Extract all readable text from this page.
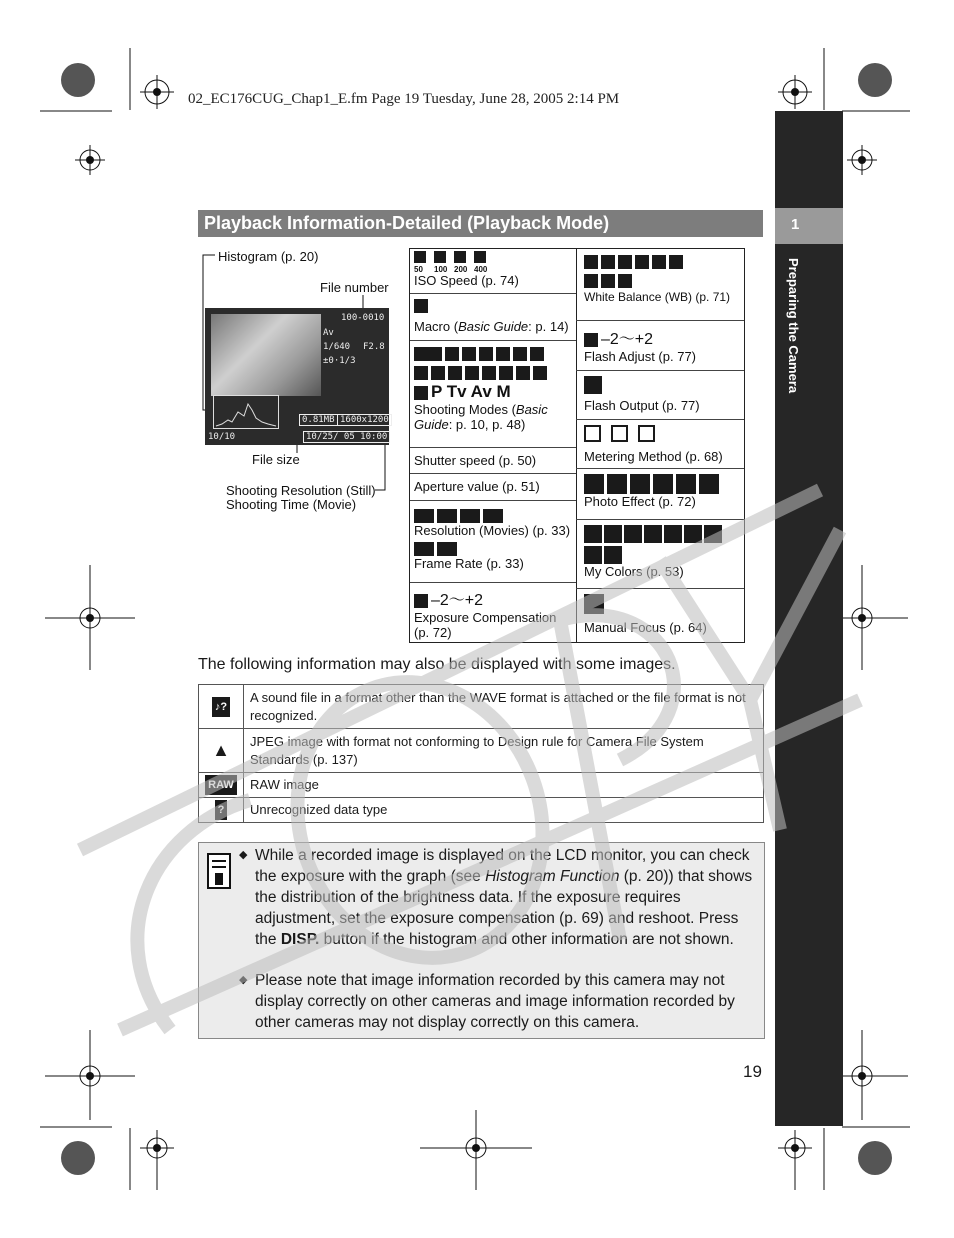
02_EC176CUG_Chap1_E.fm Page 19 Tuesday, June 28, 2005 2:14 PM
1
Preparing the Camera
Playback Information-Detailed (Playback Mode)
Histogram (p. 20)
File number
File size
Shooting Resolution (Still)
Shooting Time (Movie)
100-0010
Av
1/640 F2.8
±0·1/3
0.81MB 1600x1200
10/10	10/25/ 05 10:00

50	100 200 400
ISO Speed (p. 74)
Macro (Basic Guide: p. 14)
P Tv Av M
Shooting Modes (Basic
Guide: p. 10, p. 48)
Shutter speed (p. 50)
Aperture value (p. 51)
Resolution (Movies) (p. 33)
Frame Rate (p. 33)
–2～+2
Exposure Compensation
(p. 72)
White Balance (WB) (p. 71)
–2～+2
Flash Adjust (p. 77)
Flash Output (p. 77)
Metering Method (p. 68)
Photo Effect (p. 72)
My Colors (p. 53)
Manual Focus (p. 64)
The following information may also be displayed with some images.
♪?	A sound file in a format other than the WAVE format is attached or the file format is not recognized.
▲	JPEG image with format not conforming to Design rule for Camera File System Standards (p. 137)
RAW	RAW image
?	Unrecognized data type
◆ While a recorded image is displayed on the LCD monitor, you can check the exposure with the graph (see Histogram Function (p. 20)) that shows the distribution of the brightness data. If the exposure requires adjustment, set the exposure compensation (p. 69) and reshoot. Press the DISP. button if the histogram and other information are not shown.
◆ Please note that image information recorded by this camera may not display correctly on other cameras and image information recorded by other cameras may not display correctly on this camera.
19
